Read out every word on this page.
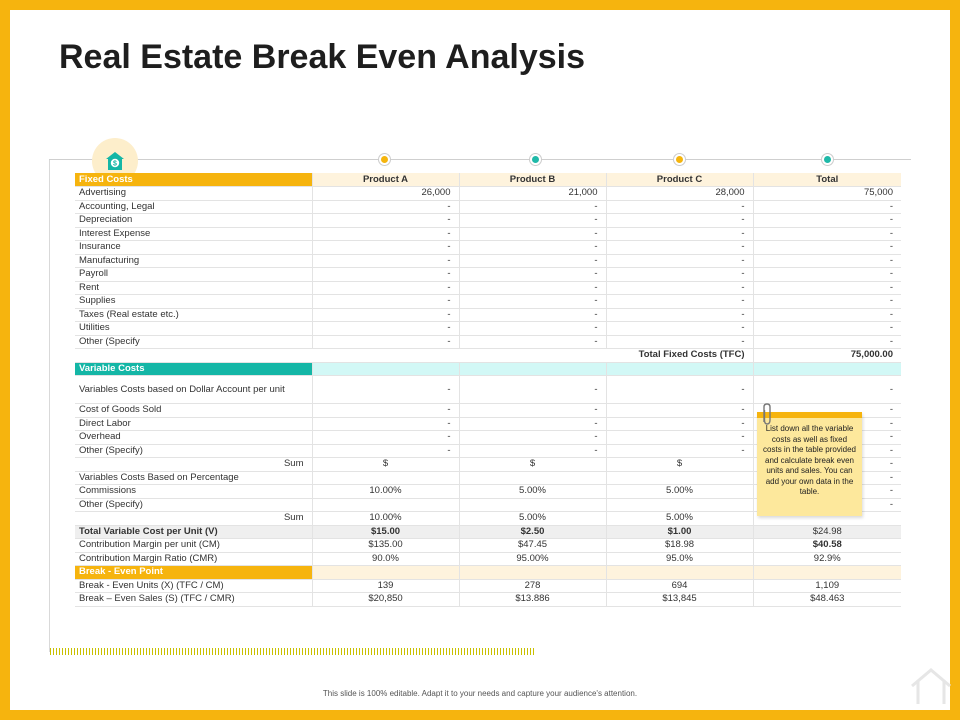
Real Estate Break Even Analysis
$
Fixed Costs	Product A	Product B	Product C	Total
Advertising	26,000	21,000	28,000	75,000
Accounting, Legal	-	-	-	-
Depreciation	-	-	-	-
Interest Expense	-	-	-	-
Insurance	-	-	-	-
Manufacturing	-	-	-	-
Payroll	-	-	-	-
Rent	-	-	-	-
Supplies	-	-	-	-
Taxes (Real estate etc.)	-	-	-	-
Utilities	-	-	-	-
Other (Specify	-	-	-	-
			Total Fixed Costs (TFC)	75,000.00
Variable Costs				
Variables Costs based on Dollar Account per unit	-	-	-	-
Cost of Goods Sold	-	-	-	-
Direct Labor	-	-	-	-
Overhead	-	-	-	-
Other (Specify)	-	-	-	-
Sum	$	$	$	-
Variables Costs Based on Percentage				-
Commissions	10.00%	5.00%	5.00%	-
Other (Specify)				-
Sum	10.00%	5.00%	5.00%	
Total Variable Cost per Unit (V)	$15.00	$2.50	$1.00	$24.98
Contribution Margin per unit (CM)	$135.00	$47.45	$18.98	$40.58
Contribution Margin Ratio (CMR)	90.0%	95.00%	95.0%	92.9%
Break - Even Point				
Break - Even Units (X) (TFC / CM)	139	278	694	1,109
Break – Even Sales (S) (TFC / CMR)	$20,850	$13.886	$13,845	$48.463
List down all the variable costs as well as fixed costs in the table provided and calculate break even units and sales. You can add your own data in the table.
This slide is 100% editable. Adapt it to your needs and capture your audience's attention.
